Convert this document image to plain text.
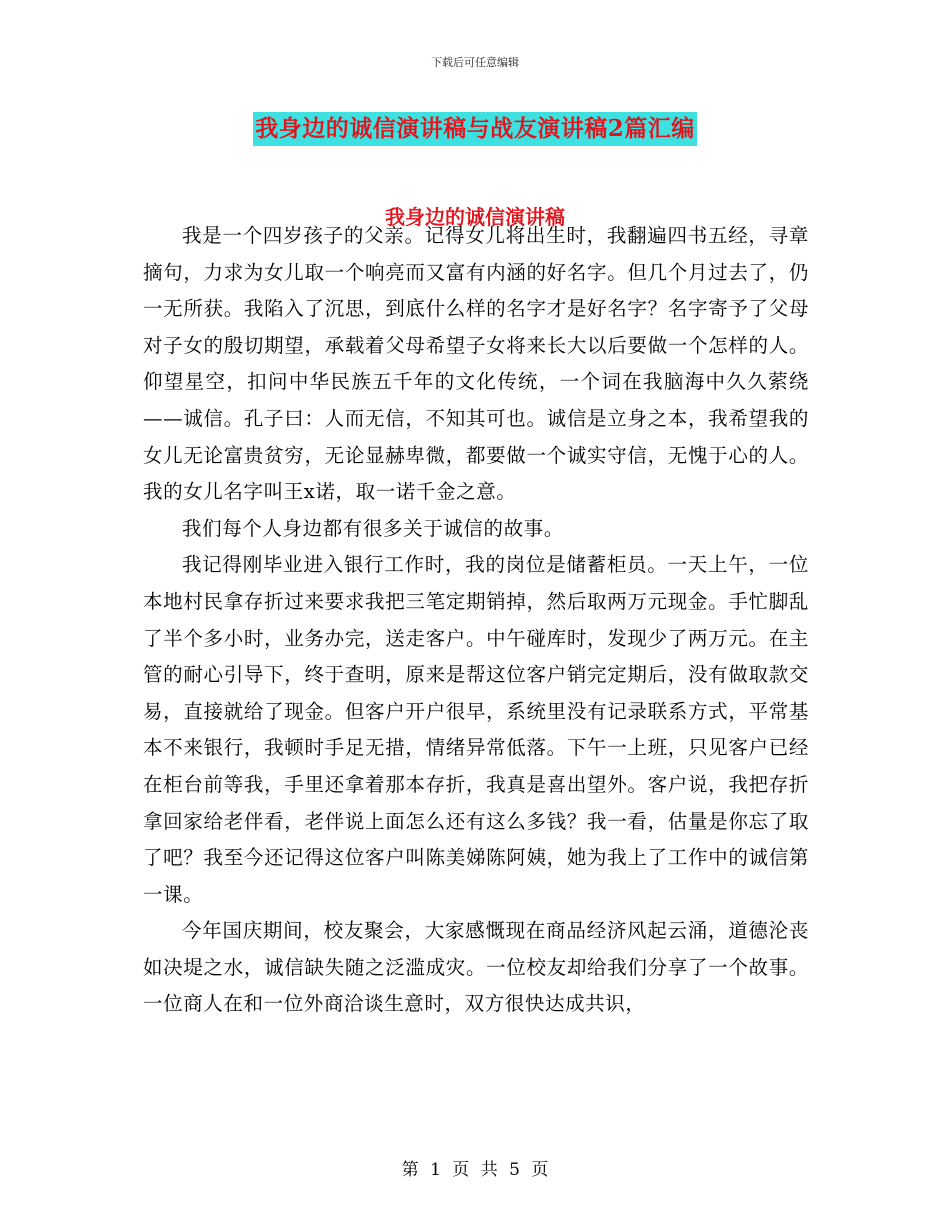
下载后可任意编辑
我身边的诚信演讲稿与战友演讲稿2篇汇编
我身边的诚信演讲稿

我是一个四岁孩子的父亲。记得女儿将出生时，我翻遍四书五经，寻章摘句，力求为女儿取一个响亮而又富有内涵的好名字。但几个月过去了，仍一无所获。我陷入了沉思，到底什么样的名字才是好名字？名字寄予了父母对子女的殷切期望，承载着父母希望子女将来长大以后要做一个怎样的人。仰望星空，扣问中华民族五千年的文化传统，一个词在我脑海中久久萦绕——诚信。孔子曰：人而无信，不知其可也。诚信是立身之本，我希望我的女儿无论富贵贫穷，无论显赫卑微，都要做一个诚实守信，无愧于心的人。我的女儿名字叫王x诺，取一诺千金之意。

我们每个人身边都有很多关于诚信的故事。

我记得刚毕业进入银行工作时，我的岗位是储蓄柜员。一天上午，一位本地村民拿存折过来要求我把三笔定期销掉，然后取两万元现金。手忙脚乱了半个多小时，业务办完，送走客户。中午碰库时，发现少了两万元。在主管的耐心引导下，终于查明，原来是帮这位客户销完定期后，没有做取款交易，直接就给了现金。但客户开户很早，系统里没有记录联系方式，平常基本不来银行，我顿时手足无措，情绪异常低落。下午一上班，只见客户已经在柜台前等我，手里还拿着那本存折，我真是喜出望外。客户说，我把存折拿回家给老伴看，老伴说上面怎么还有这么多钱？我一看，估量是你忘了取了吧？我至今还记得这位客户叫陈美娣陈阿姨，她为我上了工作中的诚信第一课。

今年国庆期间，校友聚会，大家感慨现在商品经济风起云涌，道德沦丧如决堤之水，诚信缺失随之泛滥成灾。一位校友却给我们分享了一个故事。一位商人在和一位外商洽谈生意时，双方很快达成共识，

第 1 页 共 5 页
